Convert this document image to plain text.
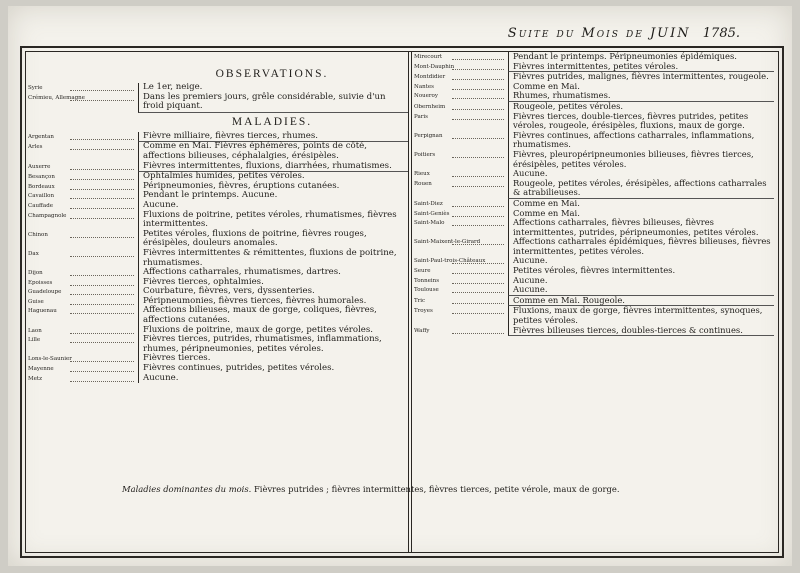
Suite du Mois de JUIN 1785.
OBSERVATIONS.
Syrie	Le 1er, neige.
Crémieu, Allemagne	Dans les premiers jours, grêle considérable, suivie d'un froid piquant.
MALADIES.
Argentan	Fièvre milliaire, fièvres tierces, rhumes.
Arles	Comme en Mai. Fièvres éphémères, points de côté, affections bilieuses, céphalalgies, érésipèles.
Auxerre	Fièvres intermittentes, fluxions, diarrhées, rhumatismes.
Besançon	Ophtalmies humides, petites véroles.
Bordeaux	Péripneumonies, fièvres, éruptions cutanées.
Cavaillon	Pendant le printemps. Aucune.
Cauffade	Aucune.
Champagnole	Fluxions de poitrine, petites véroles, rhumatismes, fièvres intermittentes.
Chinon	Petites véroles, fluxions de poitrine, fièvres rouges, érésipèles, douleurs anomales.
Dax	Fièvres intermittentes & rémittentes, fluxions de poitrine, rhumatismes.
Dijon	Affections catharrales, rhumatismes, dartres.
Epoisses	Fièvres tierces, ophtalmies.
Guadeloupe	Courbature, fièvres, vers, dyssenteries.
Guise	Péripneumonies, fièvres tierces, fièvres humorales.
Haguenau	Affections bilieuses, maux de gorge, coliques, fièvres, affections cutanées.
Laon	Fluxions de poitrine, maux de gorge, petites véroles.
Lille	Fièvres tierces, putrides, rhumatismes, inflammations, rhumes, péripneumonies, petites véroles.
Lons-le-Saunier	Fièvres tierces.
Mayenne	Fièvres continues, putrides, petites véroles.
Metz	Aucune.
Mirecourt	Pendant le printemps. Péripneumonies épidémiques.
Mont-Dauphin	Fièvres intermittentes, petites véroles.
Montdidier	Fièvres putrides, malignes, fièvres intermittentes, rougeole.
Nantes	Comme en Mai.
Noueroy	Rhumes, rhumatismes.
Obernheim	Rougeole, petites véroles.
Paris	Fièvres tierces, double-tierces, fièvres putrides, petites véroles, rougeole, érésipèles, fluxions, maux de gorge.
Perpignan	Fièvres continues, affections catharrales, inflammations, rhumatismes.
Poitiers	Fièvres, pleuropéripneumonies bilieuses, fièvres tierces, érésipèles, petites véroles.
Rieux	Aucune.
Rouen	Rougeole, petites véroles, érésipèles, affections catharrales & atrabilieuses.
Saint-Diez	Comme en Mai.
Saint-Geniès	Comme en Mai.
Saint-Malo	Affections catharrales, fièvres bilieuses, fièvres intermittentes, putrides, péripneumonies, petites véroles.
Saint-Maixent-le-Girard	Affections catharrales épidémiques, fièvres bilieuses, fièvres intermittentes, petites véroles.
Saint-Paul-trois-Châteaux	Aucune.
Seure	Petites véroles, fièvres intermittentes.
Tonneins	Aucune.
Toulouse	Aucune.
Tric	Comme en Mai. Rougeole.
Troyes	Fluxions, maux de gorge, fièvres intermittentes, synoques, petites véroles.
Waffy	Fièvres bilieuses tierces, doubles-tierces & continues.
Maladies dominantes du mois. Fièvres putrides ; fièvres intermittentes, fièvres tierces, petite vérole, maux de gorge.
